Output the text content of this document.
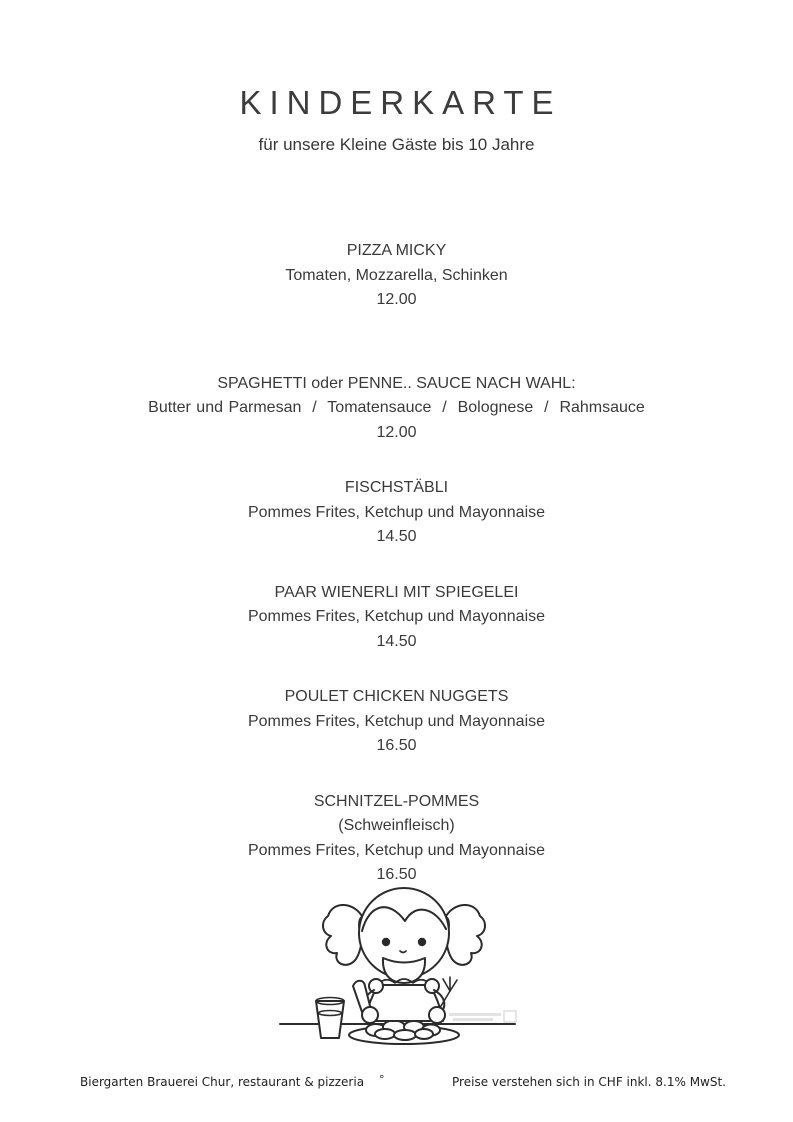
KINDERKARTE
für unsere Kleine Gäste bis 10 Jahre
PIZZA MICKY
Tomaten, Mozzarella, Schinken
12.00
SPAGHETTI oder PENNE.. SAUCE NACH WAHL:
Butter und Parmesan  /  Tomatensauce  /  Bolognese  /  Rahmsauce
12.00
FISCHSTÄBLI
Pommes Frites, Ketchup und Mayonnaise
14.50
PAAR WIENERLI MIT SPIEGELEI
Pommes Frites, Ketchup und Mayonnaise
14.50
POULET CHICKEN NUGGETS
Pommes Frites, Ketchup und Mayonnaise
16.50
SCHNITZEL-POMMES
(Schweinfleisch)
Pommes Frites, Ketchup und Mayonnaise
16.50
Biergarten Brauerei Chur, restaurant & pizzeria °	Preise verstehen sich in CHF inkl. 8.1% MwSt.
